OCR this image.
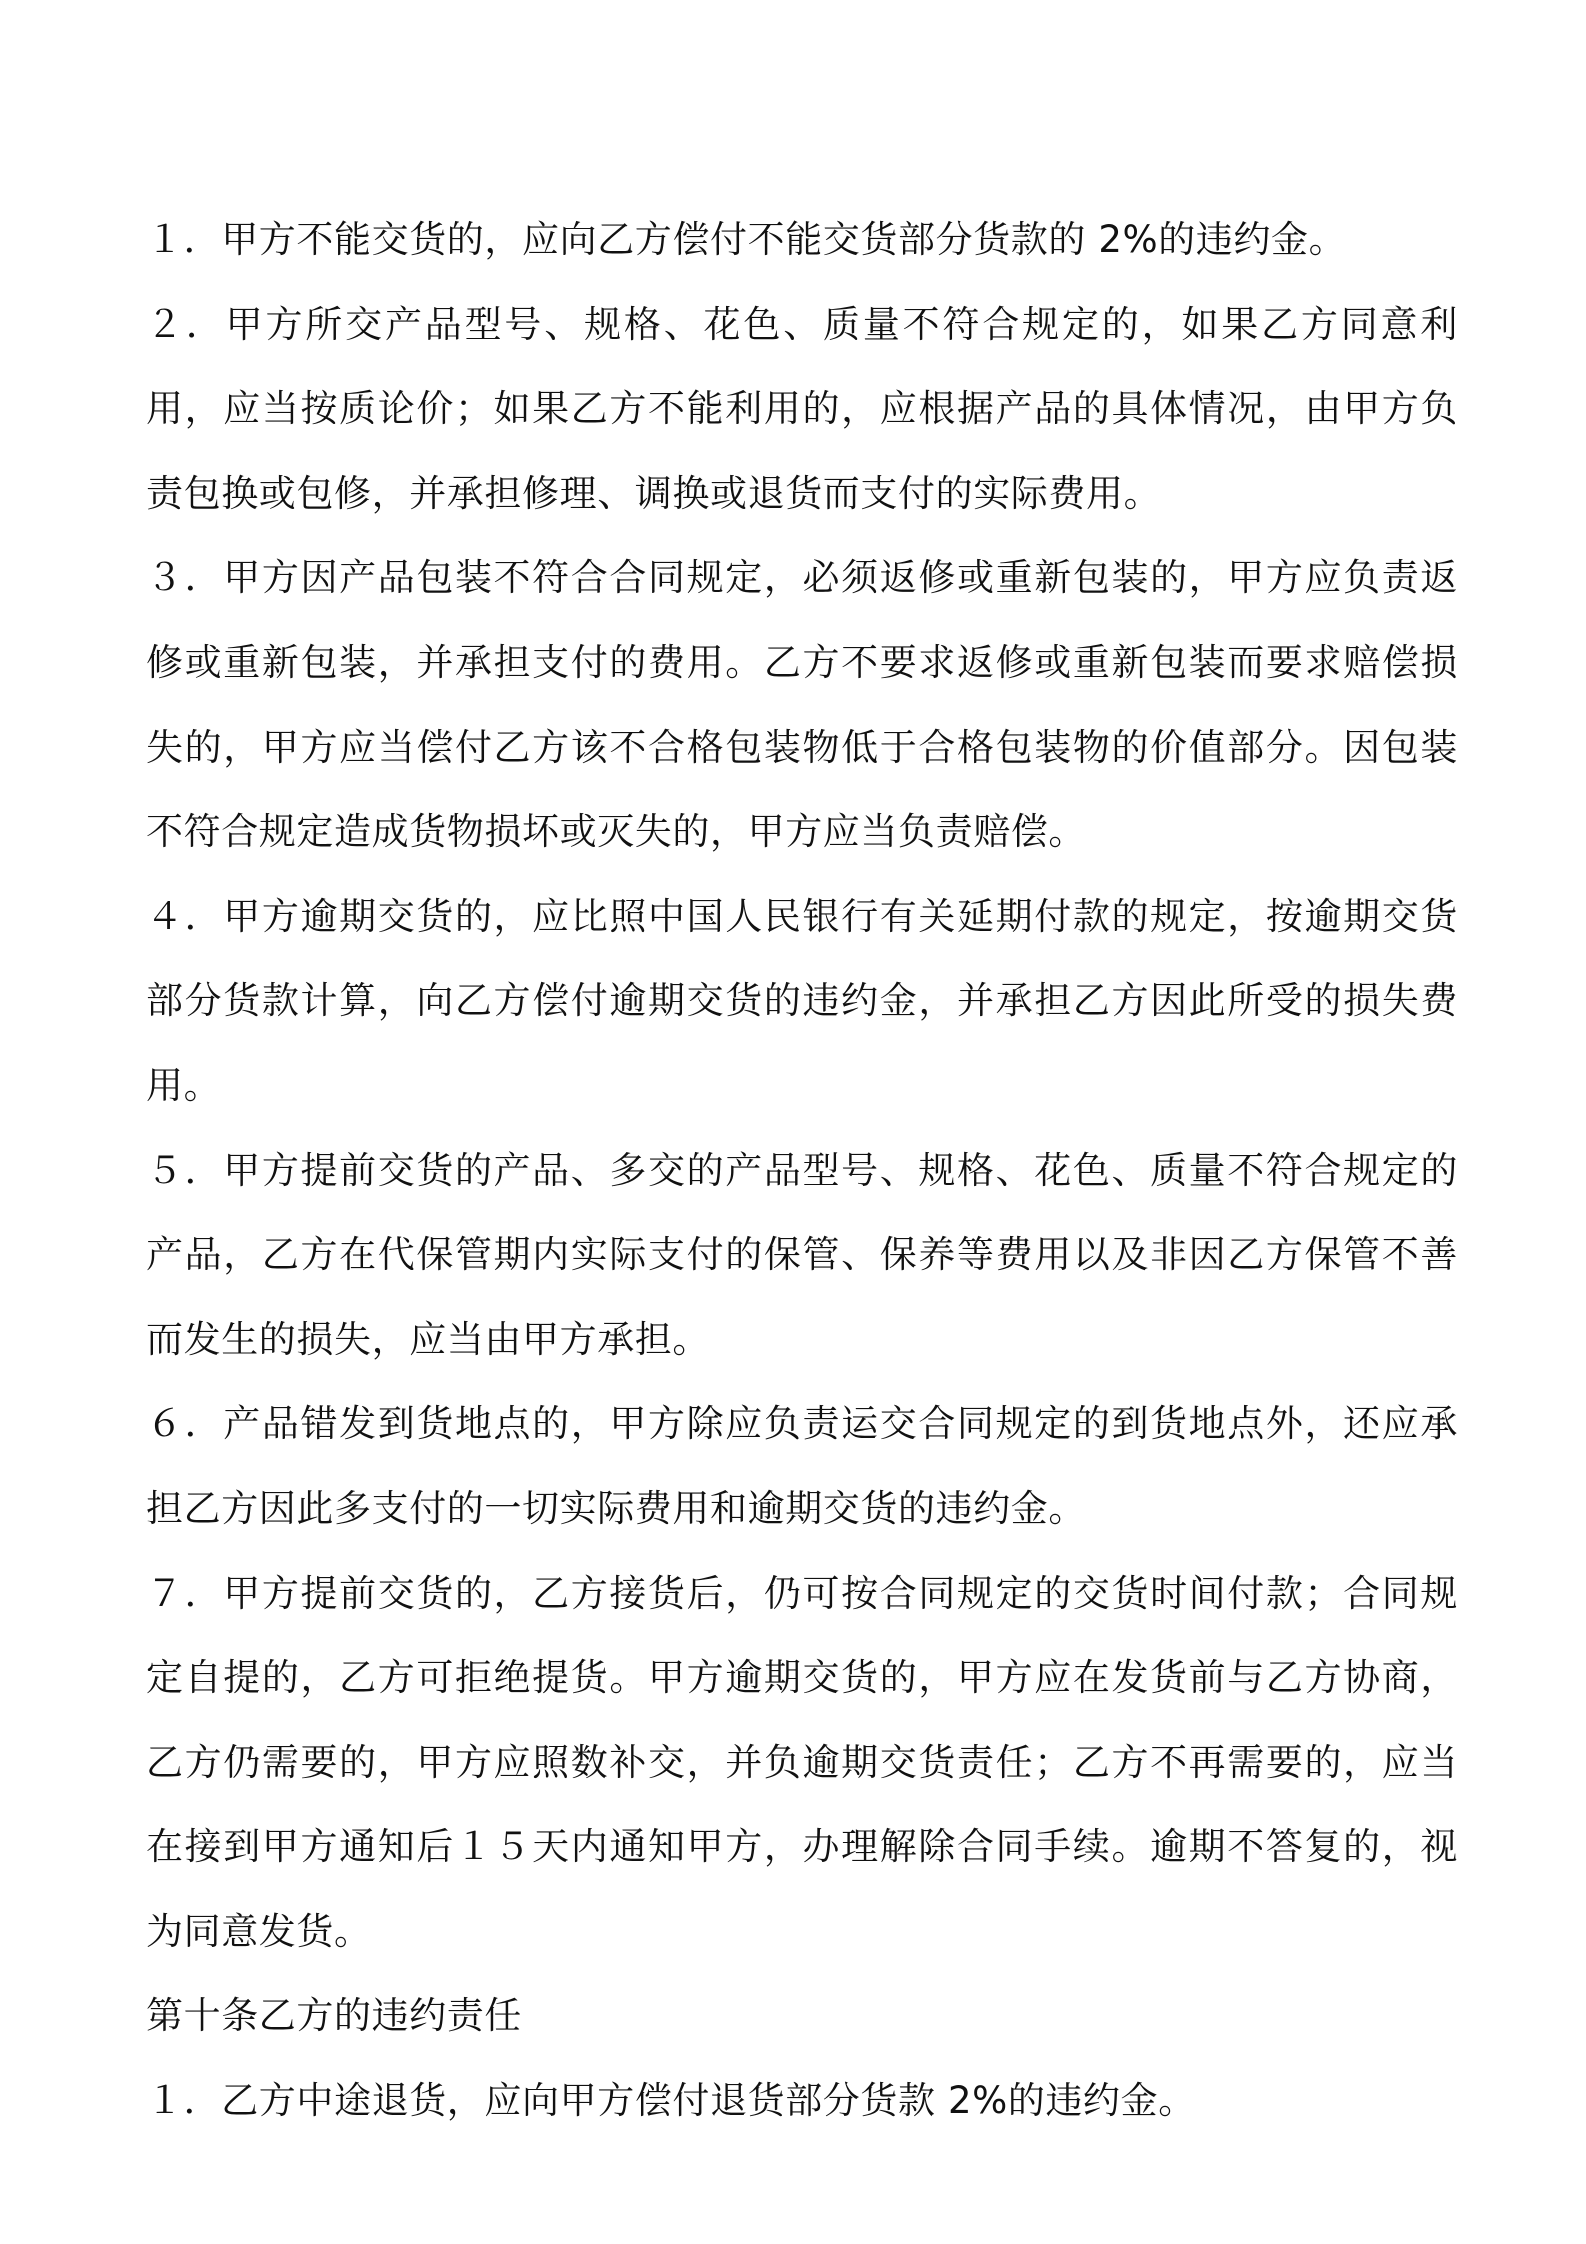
１．甲方不能交货的，应向乙方偿付不能交货部分货款的 2%的违约金。

２．甲方所交产品型号、规格、花色、质量不符合规定的，如果乙方同意利用，应当按质论价；如果乙方不能利用的，应根据产品的具体情况，由甲方负责包换或包修，并承担修理、调换或退货而支付的实际费用。

３．甲方因产品包装不符合合同规定，必须返修或重新包装的，甲方应负责返修或重新包装，并承担支付的费用。乙方不要求返修或重新包装而要求赔偿损失的，甲方应当偿付乙方该不合格包装物低于合格包装物的价值部分。因包装不符合规定造成货物损坏或灭失的，甲方应当负责赔偿。

４．甲方逾期交货的，应比照中国人民银行有关延期付款的规定，按逾期交货部分货款计算，向乙方偿付逾期交货的违约金，并承担乙方因此所受的损失费用。

５．甲方提前交货的产品、多交的产品型号、规格、花色、质量不符合规定的产品，乙方在代保管期内实际支付的保管、保养等费用以及非因乙方保管不善而发生的损失，应当由甲方承担。

６．产品错发到货地点的，甲方除应负责运交合同规定的到货地点外，还应承担乙方因此多支付的一切实际费用和逾期交货的违约金。

７．甲方提前交货的，乙方接货后，仍可按合同规定的交货时间付款；合同规定自提的，乙方可拒绝提货。甲方逾期交货的，甲方应在发货前与乙方协商，乙方仍需要的，甲方应照数补交，并负逾期交货责任；乙方不再需要的，应当在接到甲方通知后１５天内通知甲方，办理解除合同手续。逾期不答复的，视为同意发货。

第十条乙方的违约责任

１．乙方中途退货，应向甲方偿付退货部分货款 2%的违约金。
